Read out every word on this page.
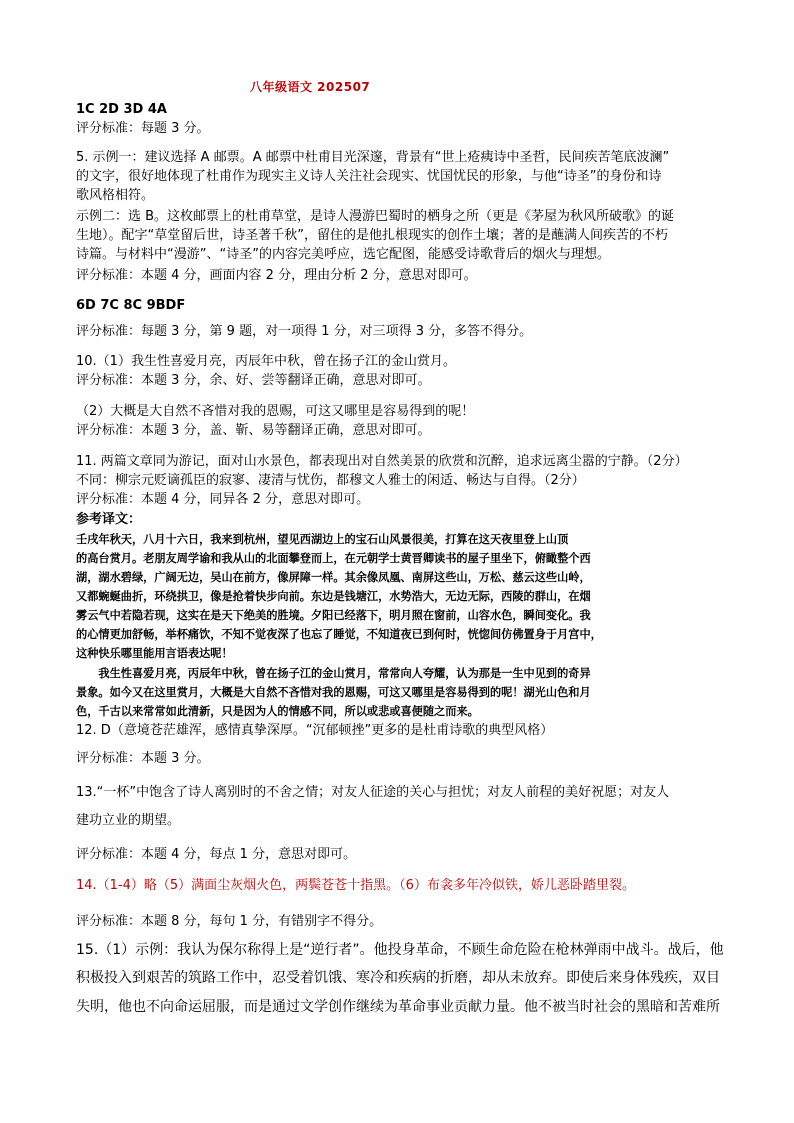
八年级语文 202507
1C 2D 3D 4A
评分标准：每题 3 分。
5. 示例一：建议选择 A 邮票。A 邮票中杜甫目光深邃，背景有“世上疮痍诗中圣哲，民间疾苦笔底波澜”
的文字，很好地体现了杜甫作为现实主义诗人关注社会现实、忧国忧民的形象，与他“诗圣”的身份和诗
歌风格相符。
示例二：选 B。这枚邮票上的杜甫草堂，是诗人漫游巴蜀时的栖身之所（更是《茅屋为秋风所破歌》的诞
生地）。配字“草堂留后世，诗圣著千秋”，留住的是他扎根现实的创作土壤；著的是蘸满人间疾苦的不朽
诗篇。与材料中“漫游”、“诗圣”的内容完美呼应，选它配图，能感受诗歌背后的烟火与理想。
评分标准：本题 4 分，画面内容 2 分，理由分析 2 分，意思对即可。
6D 7C 8C 9BDF
评分标准：每题 3 分，第 9 题，对一项得 1 分，对三项得 3 分，多答不得分。
10.（1）我生性喜爱月亮，丙辰年中秋，曾在扬子江的金山赏月。
评分标准：本题 3 分，余、好、尝等翻译正确，意思对即可。
（2）大概是大自然不吝惜对我的恩赐，可这又哪里是容易得到的呢！
评分标准：本题 3 分，盖、靳、易等翻译正确，意思对即可。
11. 两篇文章同为游记，面对山水景色，都表现出对自然美景的欣赏和沉醉，追求远离尘嚣的宁静。（2分）
不同：柳宗元贬谪孤臣的寂寥、凄清与忧伤，都穆文人雅士的闲适、畅达与自得。（2分）
评分标准：本题 4 分，同异各 2 分，意思对即可。
参考译文：
壬戌年秋天，八月十六日，我来到杭州，望见西湖边上的宝石山风景很美，打算在这天夜里登上山顶
的高台赏月。老朋友周学谕和我从山的北面攀登而上，在元朝学士黄晋卿读书的屋子里坐下，俯瞰整个西
湖，湖水碧绿，广阔无边，吴山在前方，像屏障一样。其余像凤凰、南屏这些山，万松、慈云这些山岭，
又都蜿蜒曲折，环绕拱卫，像是抢着快步向前。东边是钱塘江，水势浩大，无边无际，西陵的群山，在烟
雾云气中若隐若现，这实在是天下绝美的胜境。夕阳已经落下，明月照在窗前，山容水色，瞬间变化。我
的心情更加舒畅，举杯痛饮，不知不觉夜深了也忘了睡觉，不知道夜已到何时，恍惚间仿佛置身于月宫中，
这种快乐哪里能用言语表达呢！
　　我生性喜爱月亮，丙辰年中秋，曾在扬子江的金山赏月，常常向人夸耀，认为那是一生中见到的奇异
景象。如今又在这里赏月，大概是大自然不吝惜对我的恩赐，可这又哪里是容易得到的呢！湖光山色和月
色，千古以来常常如此清新，只是因为人的情感不同，所以或悲或喜便随之而来。
12. D（意境苍茫雄浑，感情真挚深厚。“沉郁顿挫”更多的是杜甫诗歌的典型风格）
评分标准：本题 3 分。
13.“一杯”中饱含了诗人离别时的不舍之情；对友人征途的关心与担忧；对友人前程的美好祝愿；对友人
建功立业的期望。
评分标准：本题 4 分，每点 1 分，意思对即可。
14.（1-4）略（5）满面尘灰烟火色，两鬓苍苍十指黑。（6）布衾多年冷似铁，娇儿恶卧踏里裂。
评分标准：本题 8 分，每句 1 分，有错别字不得分。
15.（1）示例：我认为保尔称得上是“逆行者”。他投身革命，不顾生命危险在枪林弹雨中战斗。战后，他
积极投入到艰苦的筑路工作中，忍受着饥饿、寒冷和疾病的折磨，却从未放弃。即使后来身体残疾，双目
失明，他也不向命运屈服，而是通过文学创作继续为革命事业贡献力量。他不被当时社会的黑暗和苦难所
